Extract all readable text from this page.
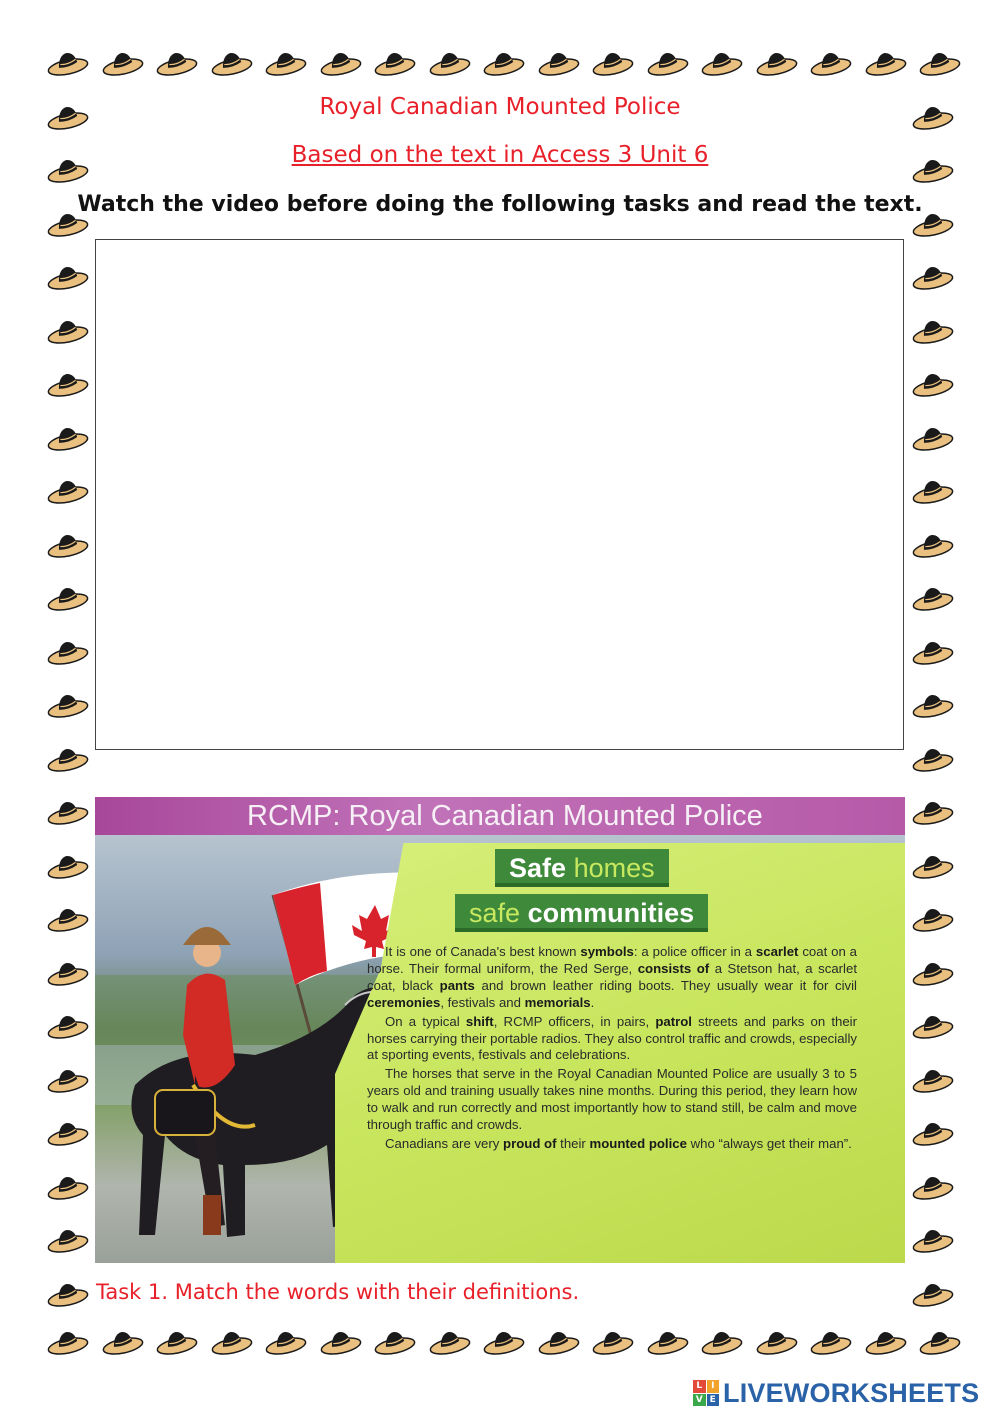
Royal Canadian Mounted Police
Based on the text in Access 3 Unit 6
Watch the video before doing the following tasks and read the text.
RCMP: Royal Canadian Mounted Police
Safe homes
safe communities

It is one of Canada's best known symbols: a police officer in a scarlet coat on a horse. Their formal uniform, the Red Serge, consists of a Stetson hat, a scarlet coat, black pants and brown leather riding boots. They usually wear it for civil ceremonies, festivals and memorials.

On a typical shift, RCMP officers, in pairs, patrol streets and parks on their horses carrying their portable radios. They also control traffic and crowds, especially at sporting events, festivals and celebrations.

The horses that serve in the Royal Canadian Mounted Police are usually 3 to 5 years old and training usually takes nine months. During this period, they learn how to walk and run correctly and most importantly how to stand still, be calm and move through traffic and crowds.

Canadians are very proud of their mounted police who “always get their man”.

Task 1. Match the words with their definitions.
L I
V E LIVEWORKSHEETS
